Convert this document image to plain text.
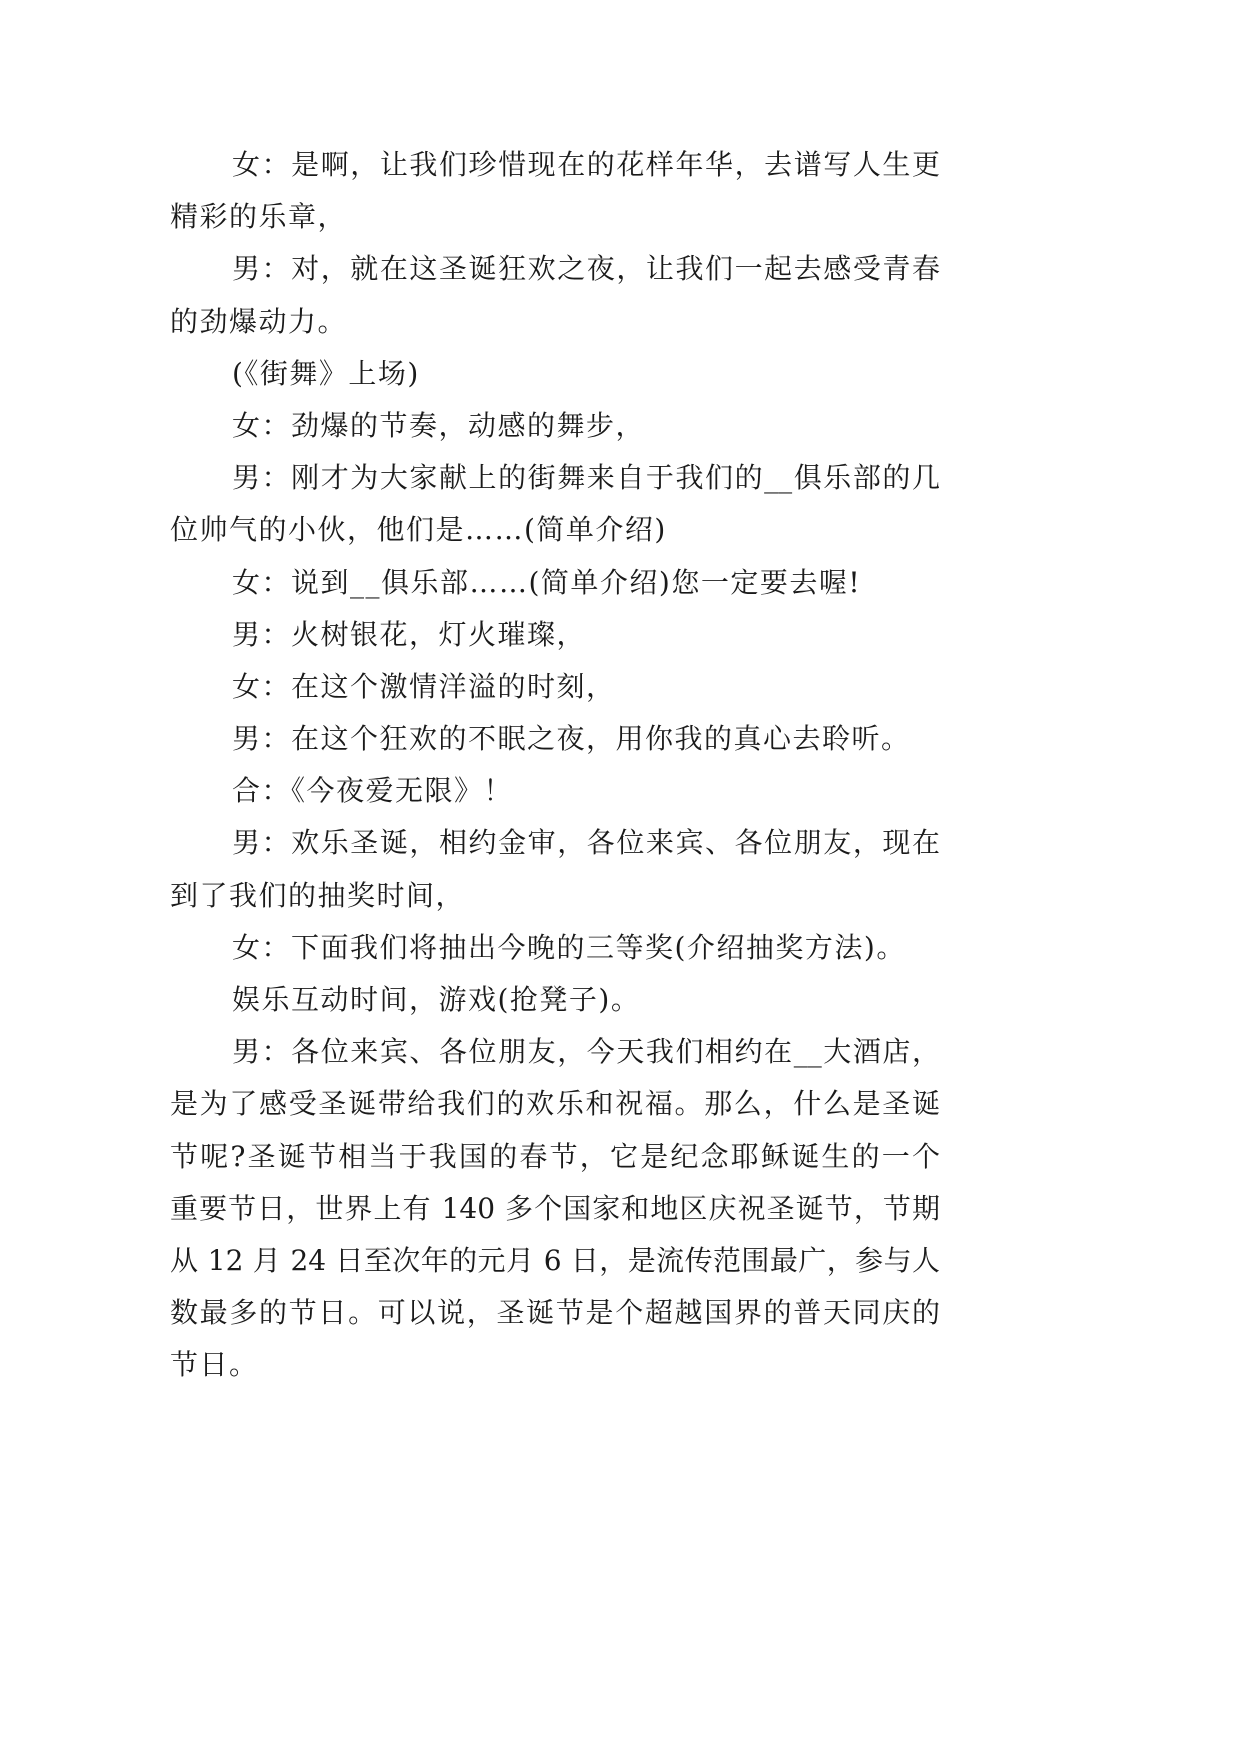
女：是啊，让我们珍惜现在的花样年华，去谱写人生更
精彩的乐章，
男：对，就在这圣诞狂欢之夜，让我们一起去感受青春
的劲爆动力。
(《街舞》上场)
女：劲爆的节奏，动感的舞步，
男：刚才为大家献上的街舞来自于我们的__俱乐部的几
位帅气的小伙，他们是……(简单介绍)
女：说到__俱乐部……(简单介绍)您一定要去喔!
男：火树银花，灯火璀璨，
女：在这个激情洋溢的时刻，
男：在这个狂欢的不眠之夜，用你我的真心去聆听。
合：《今夜爱无限》！
男：欢乐圣诞，相约金审，各位来宾、各位朋友，现在
到了我们的抽奖时间，
女：下面我们将抽出今晚的三等奖(介绍抽奖方法)。
娱乐互动时间，游戏(抢凳子)。
男：各位来宾、各位朋友，今天我们相约在__大酒店，
是为了感受圣诞带给我们的欢乐和祝福。那么，什么是圣诞
节呢?圣诞节相当于我国的春节，它是纪念耶稣诞生的一个
重要节日，世界上有 140 多个国家和地区庆祝圣诞节，节期
从 12 月 24 日至次年的元月 6 日，是流传范围最广，参与人
数最多的节日。可以说，圣诞节是个超越国界的普天同庆的
节日。
